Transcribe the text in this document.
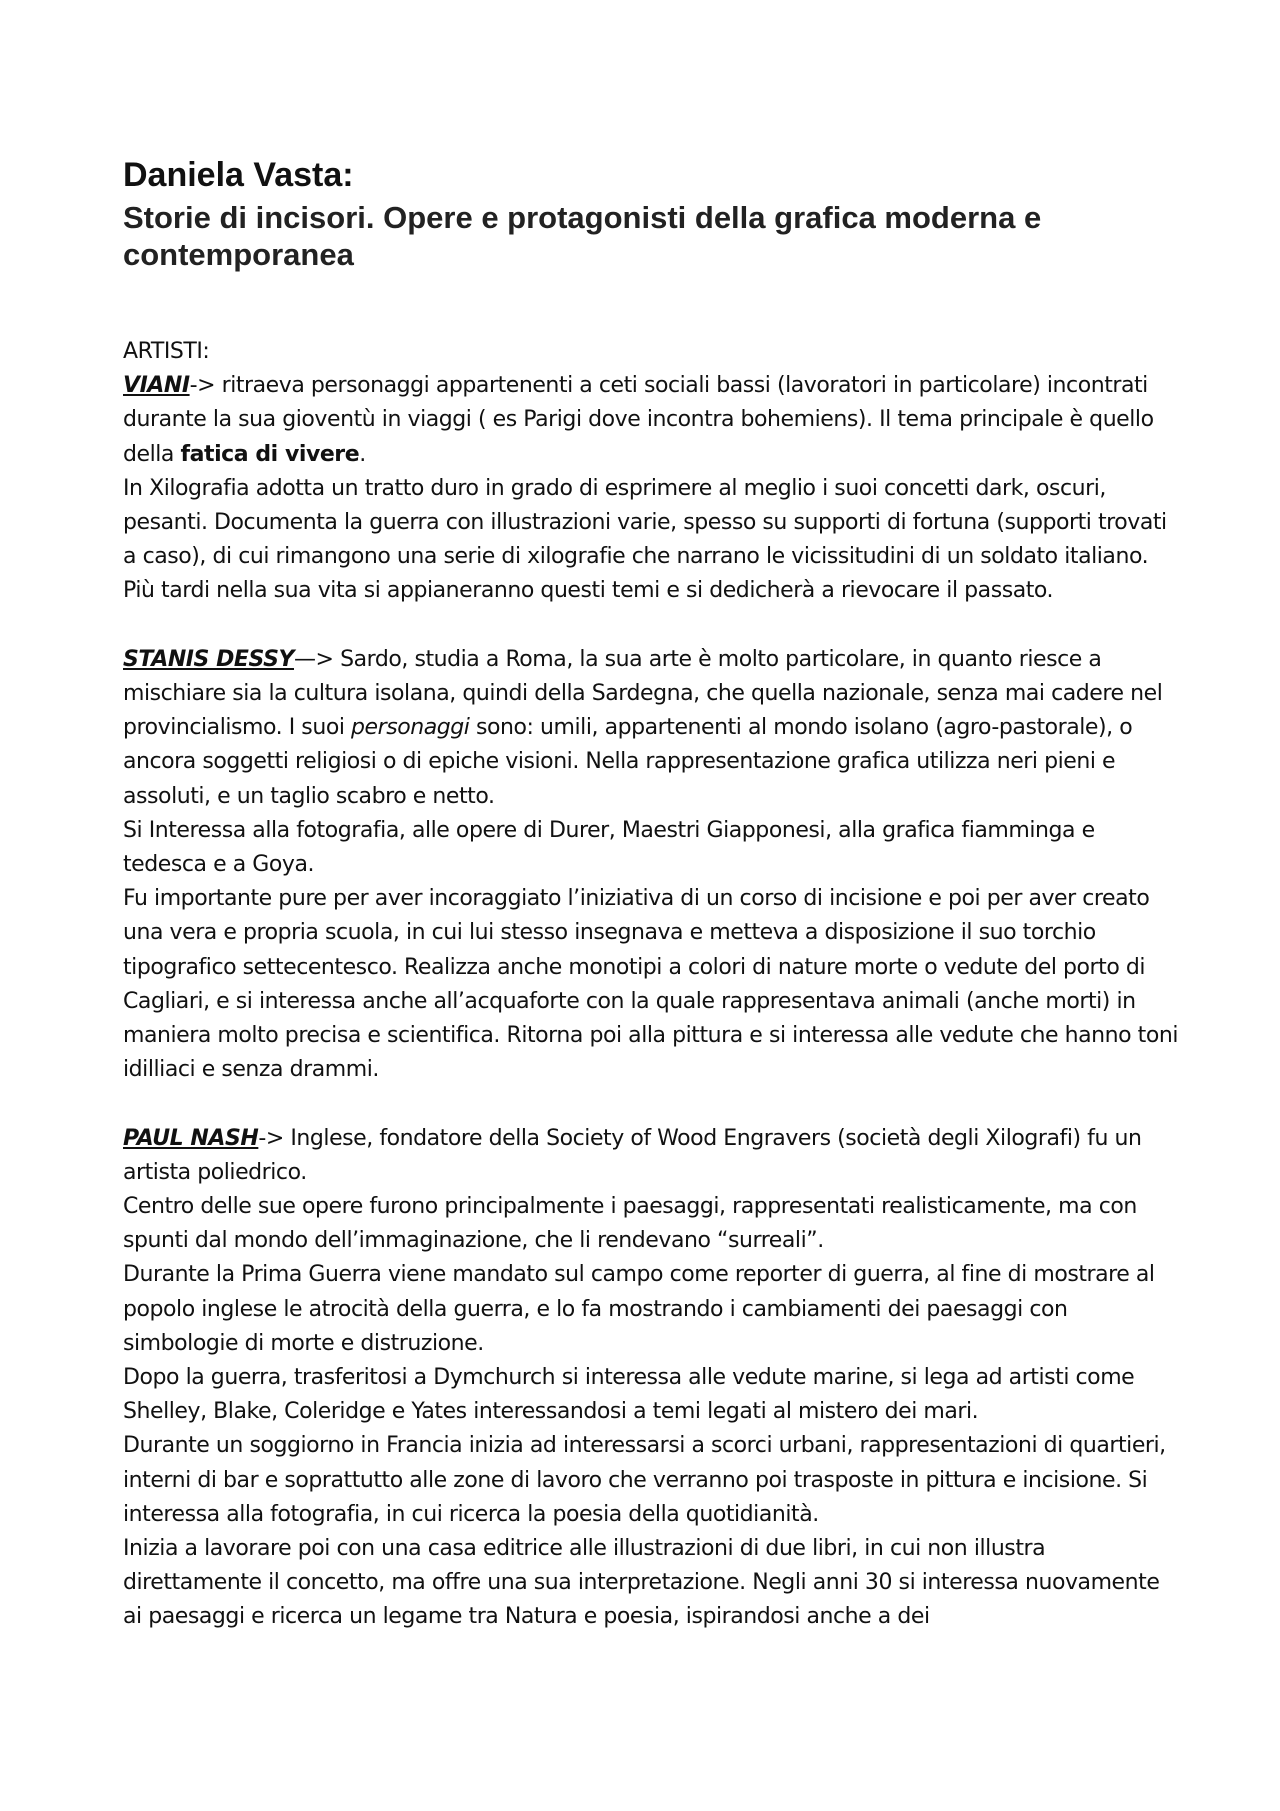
Daniela Vasta:
Storie di incisori. Opere e protagonisti della grafica moderna e contemporanea

ARTISTI:

VIANI-> ritraeva personaggi appartenenti a ceti sociali bassi (lavoratori in particolare) incontrati durante la sua gioventù in viaggi ( es Parigi dove incontra bohemiens). Il tema principale è quello della fatica di vivere.

In Xilografia adotta un tratto duro in grado di esprimere al meglio i suoi concetti dark, oscuri, pesanti. Documenta la guerra con illustrazioni varie, spesso su supporti di fortuna (supporti trovati a caso), di cui rimangono una serie di xilografie che narrano le vicissitudini di un soldato italiano.

Più tardi nella sua vita si appianeranno questi temi e si dedicherà a rievocare il passato.

STANIS DESSY—> Sardo, studia a Roma, la sua arte è molto particolare, in quanto riesce a mischiare sia la cultura isolana, quindi della Sardegna, che quella nazionale, senza mai cadere nel provincialismo. I suoi personaggi sono: umili, appartenenti al mondo isolano (agro-pastorale), o ancora soggetti religiosi o di epiche visioni. Nella rappresentazione grafica utilizza neri pieni e assoluti, e un taglio scabro e netto.

Si Interessa alla fotografia, alle opere di Durer, Maestri Giapponesi, alla grafica fiamminga e tedesca e a Goya.

Fu importante pure per aver incoraggiato l’iniziativa di un corso di incisione e poi per aver creato una vera e propria scuola, in cui lui stesso insegnava e metteva a disposizione il suo torchio tipografico settecentesco. Realizza anche monotipi a colori di nature morte o vedute del porto di Cagliari, e si interessa anche all’acquaforte con la quale rappresentava animali (anche morti) in maniera molto precisa e scientifica. Ritorna poi alla pittura e si interessa alle vedute che hanno toni idilliaci e senza drammi.

PAUL NASH-> Inglese, fondatore della Society of Wood Engravers (società degli Xilografi) fu un artista poliedrico.

Centro delle sue opere furono principalmente i paesaggi, rappresentati realisticamente, ma con spunti dal mondo dell’immaginazione, che li rendevano “surreali”.

Durante la Prima Guerra viene mandato sul campo come reporter di guerra, al fine di mostrare al popolo inglese le atrocità della guerra, e lo fa mostrando i cambiamenti dei paesaggi con simbologie di morte e distruzione.

Dopo la guerra, trasferitosi a Dymchurch si interessa alle vedute marine, si lega ad artisti come Shelley, Blake, Coleridge e Yates interessandosi a temi legati al mistero dei mari.

Durante un soggiorno in Francia inizia ad interessarsi a scorci urbani, rappresentazioni di quartieri, interni di bar e soprattutto alle zone di lavoro che verranno poi trasposte in pittura e incisione. Si interessa alla fotografia, in cui ricerca la poesia della quotidianità.

Inizia a lavorare poi con una casa editrice alle illustrazioni di due libri, in cui non illustra direttamente il concetto, ma offre una sua interpretazione. Negli anni 30 si interessa nuovamente ai paesaggi e ricerca un legame tra Natura e poesia, ispirandosi anche a dei
